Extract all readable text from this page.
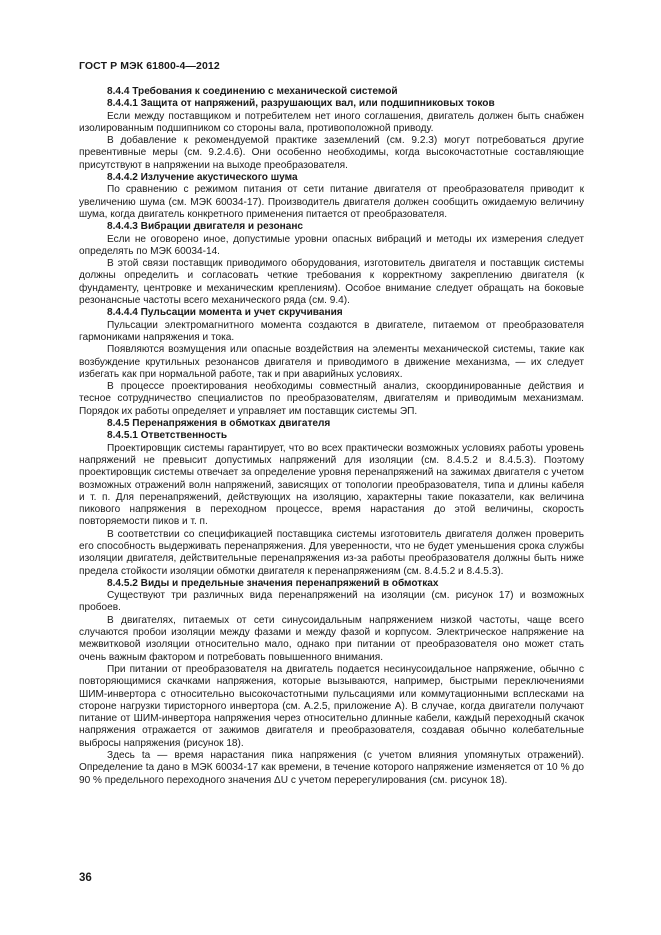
ГОСТ Р МЭК 61800-4—2012

8.4.4 Требования к соединению с механической системой

8.4.4.1 Защита от напряжений, разрушающих вал, или подшипниковых токов

Если между поставщиком и потребителем нет иного соглашения, двигатель должен быть снабжен изолированным подшипником со стороны вала, противоположной приводу.

В добавление к рекомендуемой практике заземлений (см. 9.2.3) могут потребоваться другие превентивные меры (см. 9.2.4.6). Они особенно необходимы, когда высокочастотные составляющие присутствуют в напряжении на выходе преобразователя.

8.4.4.2 Излучение акустического шума

По сравнению с режимом питания от сети питание двигателя от преобразователя приводит к увеличению шума (см. МЭК 60034-17). Производитель двигателя должен сообщить ожидаемую величину шума, когда двигатель конкретного применения питается от преобразователя.

8.4.4.3 Вибрации двигателя и резонанс

Если не оговорено иное, допустимые уровни опасных вибраций и методы их измерения следует определять по МЭК 60034-14.

В этой связи поставщик приводимого оборудования, изготовитель двигателя и поставщик системы должны определить и согласовать четкие требования к корректному закреплению двигателя (к фундаменту, центровке и механическим креплениям). Особое внимание следует обращать на боковые резонансные частоты всего механического ряда (см. 9.4).

8.4.4.4 Пульсации момента и учет скручивания

Пульсации электромагнитного момента создаются в двигателе, питаемом от преобразователя гармониками напряжения и тока.

Появляются возмущения или опасные воздействия на элементы механической системы, такие как возбуждение крутильных резонансов двигателя и приводимого в движение механизма, — их следует избегать как при нормальной работе, так и при аварийных условиях.

В процессе проектирования необходимы совместный анализ, скоординированные действия и тесное сотрудничество специалистов по преобразователям, двигателям и приводимым механизмам. Порядок их работы определяет и управляет им поставщик системы ЭП.

8.4.5 Перенапряжения в обмотках двигателя

8.4.5.1 Ответственность

Проектировщик системы гарантирует, что во всех практически возможных условиях работы уровень напряжений не превысит допустимых напряжений для изоляции (см. 8.4.5.2 и 8.4.5.3). Поэтому проектировщик системы отвечает за определение уровня перенапряжений на зажимах двигателя с учетом возможных отражений волн напряжений, зависящих от топологии преобразователя, типа и длины кабеля и т. п. Для перенапряжений, действующих на изоляцию, характерны такие показатели, как величина пикового напряжения в переходном процессе, время нарастания до этой величины, скорость повторяемости пиков и т. п.

В соответствии со спецификацией поставщика системы изготовитель двигателя должен проверить его способность выдерживать перенапряжения. Для уверенности, что не будет уменьшения срока службы изоляции двигателя, действительные перенапряжения из-за работы преобразователя должны быть ниже предела стойкости изоляции обмотки двигателя к перенапряжениям (см. 8.4.5.2 и 8.4.5.3).

8.4.5.2 Виды и предельные значения перенапряжений в обмотках

Существуют три различных вида перенапряжений на изоляции (см. рисунок 17) и возможных пробоев.

В двигателях, питаемых от сети синусоидальным напряжением низкой частоты, чаще всего случаются пробои изоляции между фазами и между фазой и корпусом. Электрическое напряжение на межвитковой изоляции относительно мало, однако при питании от преобразователя оно может стать очень важным фактором и потребовать повышенного внимания.

При питании от преобразователя на двигатель подается несинусоидальное напряжение, обычно с повторяющимися скачками напряжения, которые вызываются, например, быстрыми переключениями ШИМ-инвертора с относительно высокочастотными пульсациями или коммутационными всплесками на стороне нагрузки тиристорного инвертора (см. А.2.5, приложение А). В случае, когда двигатели получают питание от ШИМ-инвертора напряжения через относительно длинные кабели, каждый переходный скачок напряжения отражается от зажимов двигателя и преобразователя, создавая обычно колебательные выбросы напряжения (рисунок 18).

Здесь tа — время нарастания пика напряжения (с учетом влияния упомянутых отражений). Определение tа дано в МЭК 60034-17 как времени, в течение которого напряжение изменяется от 10 % до 90 % предельного переходного значения ΔU с учетом перерегулирования (см. рисунок 18).

36
